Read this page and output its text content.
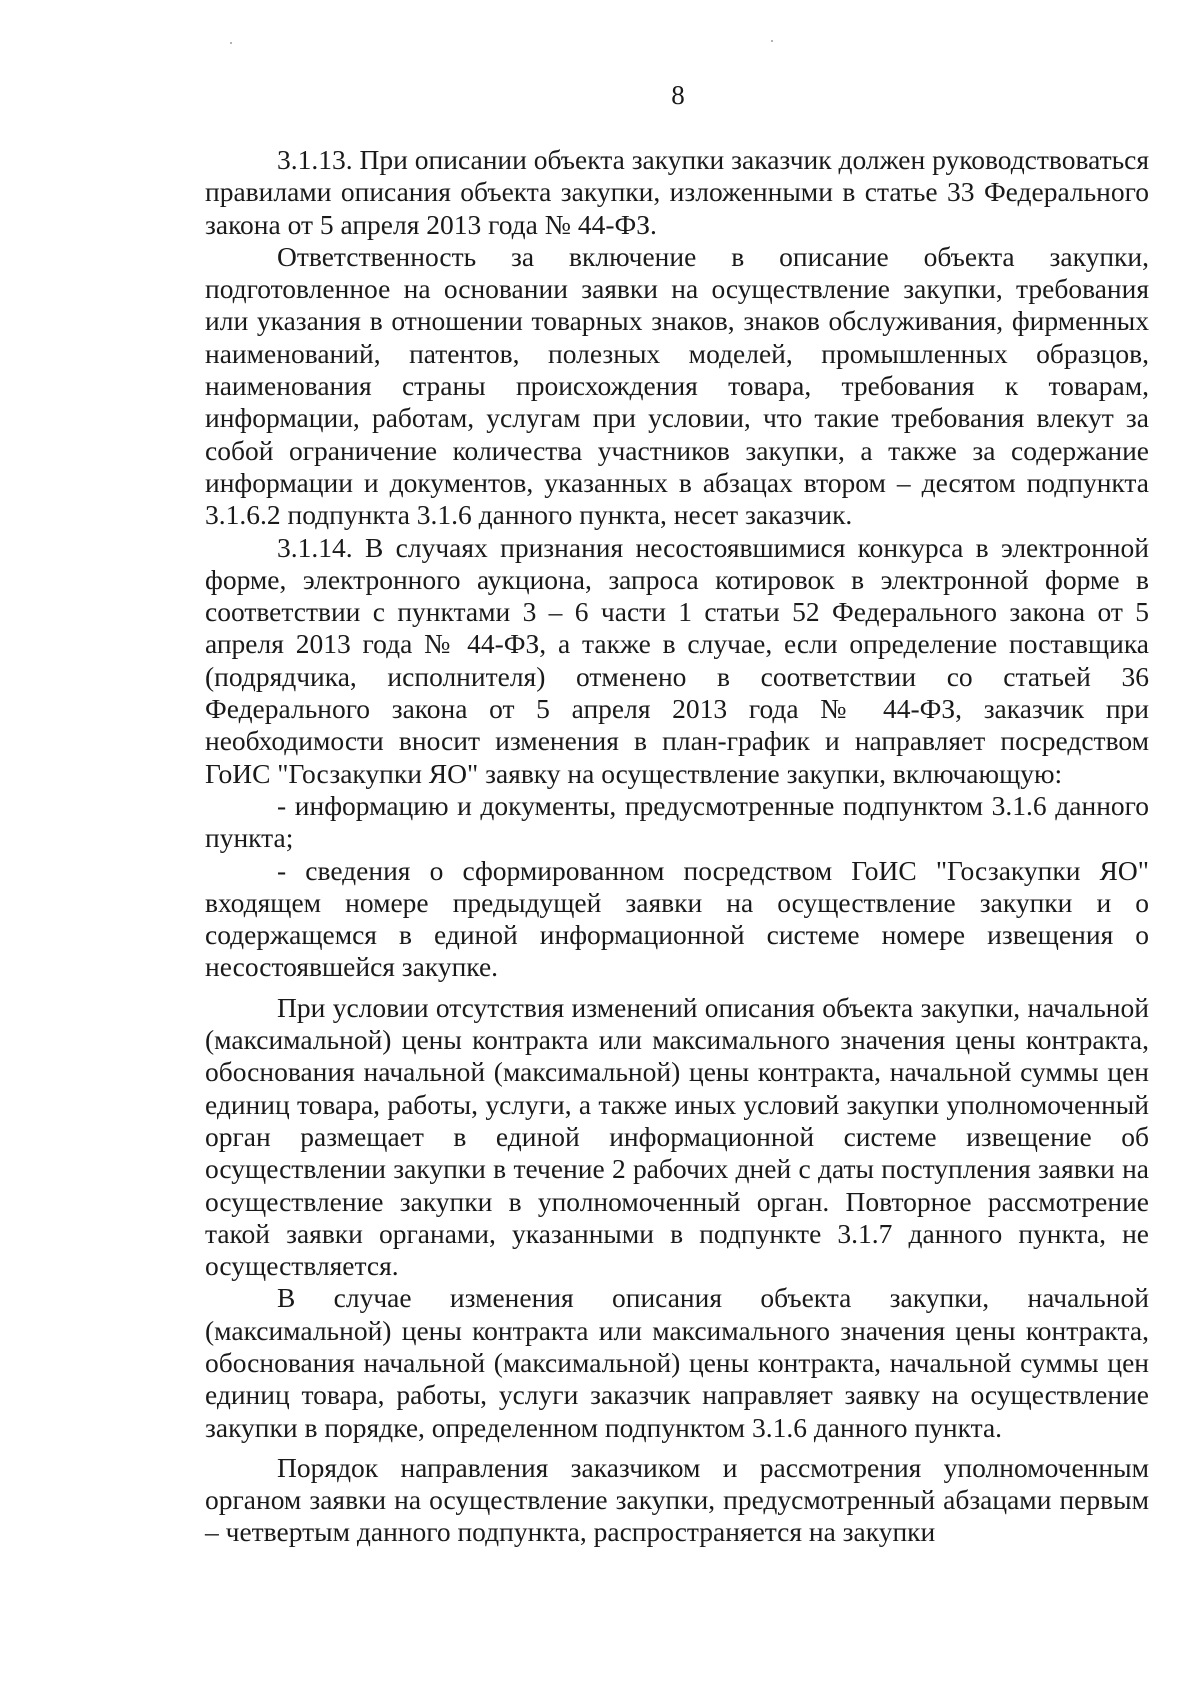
8

3.1.13. При описании объекта закупки заказчик должен руководствоваться правилами описания объекта закупки, изложенными в статье 33 Федерального закона от 5 апреля 2013 года № 44-ФЗ.

Ответственность за включение в описание объекта закупки, подготовленное на основании заявки на осуществление закупки, требования или указания в отношении товарных знаков, знаков обслуживания, фирменных наименований, патентов, полезных моделей, промышленных образцов, наименования страны происхождения товара, требования к товарам, информации, работам, услугам при условии, что такие требования влекут за собой ограничение количества участников закупки, а также за содержание информации и документов, указанных в абзацах втором – десятом подпункта 3.1.6.2 подпункта 3.1.6 данного пункта, несет заказчик.

3.1.14. В случаях признания несостоявшимися конкурса в электронной форме, электронного аукциона, запроса котировок в электронной форме в соответствии с пунктами 3 – 6 части 1 статьи 52 Федерального закона от 5 апреля 2013 года № 44-ФЗ, а также в случае, если определение поставщика (подрядчика, исполнителя) отменено в соответствии со статьей 36 Федерального закона от 5 апреля 2013 года № 44-ФЗ, заказчик при необходимости вносит изменения в план-график и направляет посредством ГоИС "Госзакупки ЯО" заявку на осуществление закупки, включающую:

- информацию и документы, предусмотренные подпунктом 3.1.6 данного пункта;

- сведения о сформированном посредством ГоИС "Госзакупки ЯО" входящем номере предыдущей заявки на осуществление закупки и о содержащемся в единой информационной системе номере извещения о несостоявшейся закупке.

При условии отсутствия изменений описания объекта закупки, начальной (максимальной) цены контракта или максимального значения цены контракта, обоснования начальной (максимальной) цены контракта, начальной суммы цен единиц товара, работы, услуги, а также иных условий закупки уполномоченный орган размещает в единой информационной системе извещение об осуществлении закупки в течение 2 рабочих дней с даты поступления заявки на осуществление закупки в уполномоченный орган. Повторное рассмотрение такой заявки органами, указанными в подпункте 3.1.7 данного пункта, не осуществляется.

В случае изменения описания объекта закупки, начальной (максимальной) цены контракта или максимального значения цены контракта, обоснования начальной (максимальной) цены контракта, начальной суммы цен единиц товара, работы, услуги заказчик направляет заявку на осуществление закупки в порядке, определенном подпунктом 3.1.6 данного пункта.

Порядок направления заказчиком и рассмотрения уполномоченным органом заявки на осуществление закупки, предусмотренный абзацами первым – четвертым данного подпункта, распространяется на закупки
